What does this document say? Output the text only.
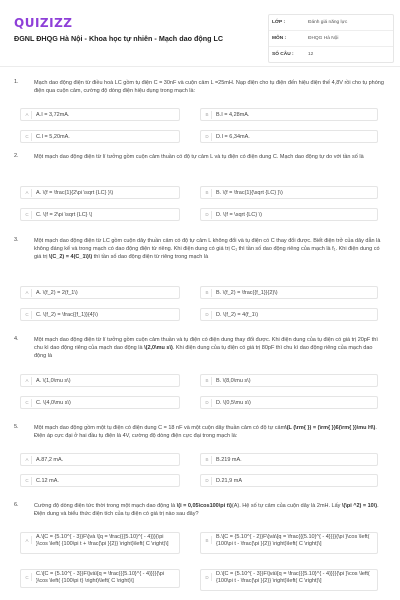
QUIZIZZ
ĐGNL ĐHQG Hà Nội - Khoa học tự nhiên - Mạch dao động LC
LỚP :	Đánh giá năng lực
MÔN :	ĐHQG Hà Nội
SỐ CÂU :	12
1.	Mạch dao động điện từ điều hoà LC gồm tụ điện C = 30nF và cuộn cảm L =25mH. Nạp điện cho tụ điện đến hiệu điện thế 4,8V rồi cho tụ phóng điện qua cuộn cảm, cường độ dòng điện hiệu dụng trong mạch là:
A	A.I = 3,72mA.	B	B.I = 4,28mA.
C	C.I = 5,20mA.	D	D.I = 6,34mA.
2.	Một mạch dao động điện từ lí tưởng gồm cuộn cảm thuần có độ tự cảm L và tụ điện có điện dung C. Mạch dao động tự do với tần số là
A	A. \(f = \frac{1}{2\pi \sqrt {LC} }\)	B	B. \(f = \frac{1}{\sqrt {LC} }\)
C	C. \(f = 2\pi \sqrt {LC} \)	D	D. \(f = \sqrt {LC} \)
3.	Một mạch dao động điện từ LC gồm cuộn dây thuần cảm có độ tự cảm L không đổi và tụ điện có C thay đổi được. Biết điện trở của dây dẫn là không đáng kể và trong mạch có dao động điện từ riêng. Khi điện dung có giá trị C₁ thì tần số dao động riêng của mạch là f₁. Khi điện dung có giá trị \(C_2) = 4(C_1\)\) thì tần số dao động điện từ riêng trong mạch là
A	A. \(f_2) = 2(f_1\)	B	B. \(f_2) = \frac{{f_1}}{2}\)
C	C. \(f_2) = \frac{{f_1}}{4}\)	D	D. \(f_2) = 4(f_1\)
4.	Một mạch dao động điện từ lí tưởng gồm cuộn cảm thuần và tụ điện có điện dung thay đổi được. Khi điện dung của tụ điện có giá trị 20pF thì chu kì dao động riêng của mạch dao động là \(2,0\mu s\). Khi điện dung của tụ điện có giá trị 80pF thì chu kì dao động riêng của mạch dao động là
A	A. \(1,0\mu s\)	B	B. \(8,0\mu s\)
C	C. \(4,0\mu s\)	D	D. \(0,5\mu s\)
5.	Một mạch dao động gồm một tụ điện có điện dung C = 18 nF và một cuộn dây thuần cảm có độ tự cảm\(L (\rm{ }) = (\rm{ })6(\rm{ })\mu H\). Điện áp cực đại ở hai đầu tụ điện là 4V, cường độ dòng điện cực đại trong mạch là:
A	A.87,2 mA.	B	B.219 mA.
C	C.12 mA.	D	D.21,9 mA
6.	Cường độ dòng điện tức thời trong một mạch dao động là \(i = 0,05\cos100\pi t\)(A). Hệ số tự cảm của cuộn dây là 2mH. Lấy \(\pi ^2) = 10\). Điện dung và biểu thức điện tích của tụ điện có giá trị nào sau đây?
A	A.\[C = {5.10^{ - 3}}F\]và \[q = \frac{{{5.10}^{ - 4}}}{\pi }\cos \left( {100\pi t + \frac{\pi }{2}} \right)\left( C \right)\]
B	B.\[C = {5.10^{ - 2}}F\]và\[q = \frac{{{5.10}^{ - 4}}}}{\pi }\cos \left( {100\pi t - \frac{\pi }{2}} \right)\left( C \right)\]
C	C.\[C = {5.10^{ - 3}}F\]và\[q = \frac{{{5.10}^{ - 4}}}}{\pi }\cos \left( {100\pi t} \right)\left( C \right)\]
D	D.\[C = {5.10^{ - 3}}F\]và\[q = \frac{{{5.10}^{ - 4}}}}{\pi }\cos \left( {100\pi t - \frac{\pi }{2}} \right)\left( C \right)\]
